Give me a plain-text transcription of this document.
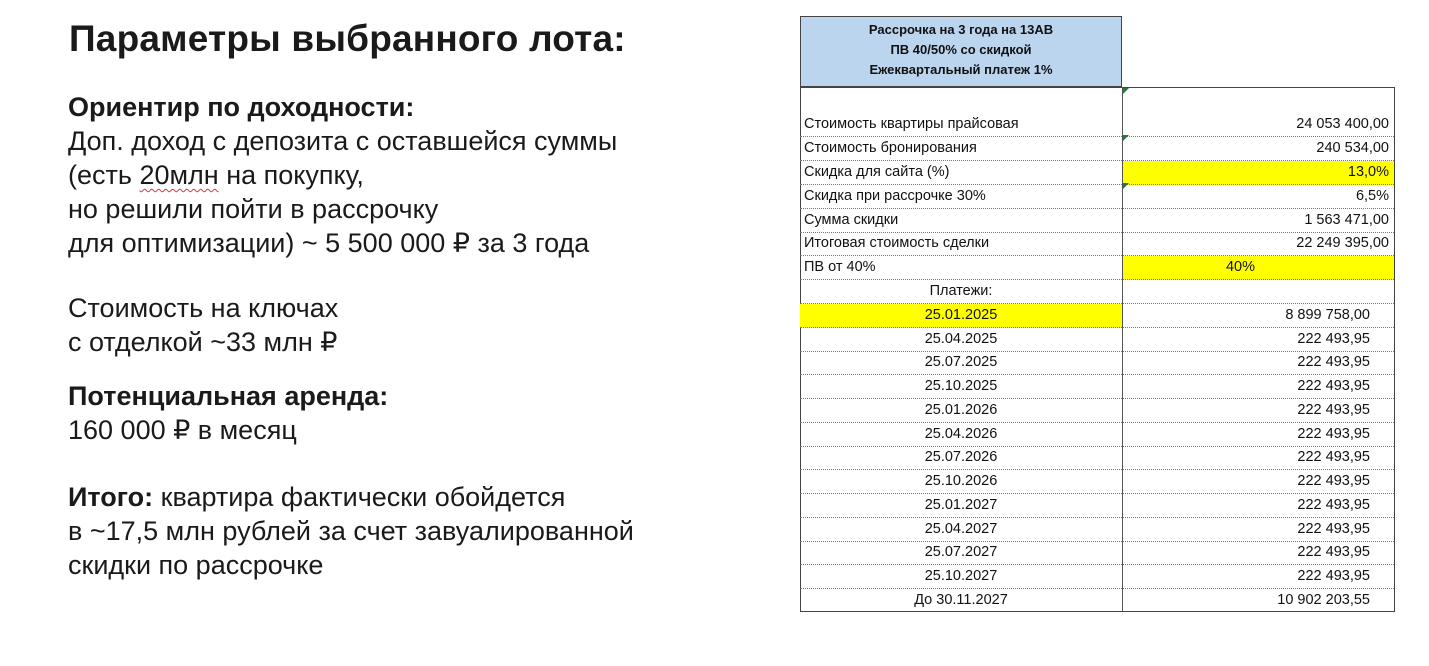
Параметры выбранного лота:

Ориентир по доходности:

Доп. доход с депозита с оставшейся суммы

(есть 20млн на покупку,

но решили пойти в рассрочку

для оптимизации) ~ 5 500 000 ₽ за 3 года

Стоимость на ключах

с отделкой ~33 млн ₽

Потенциальная аренда:

160 000 ₽ в месяц

Итого: квартира фактически обойдется

в ~17,5 млн рублей за счет завуалированной

скидки по рассрочке

Рассрочка на 3 года на 13АВ
ПВ 40/50% со скидкой
Ежеквартальный платеж 1%
Стоимость квартиры прайсовая	24 053 400,00
Стоимость бронирования	240 534,00
Скидка для сайта (%)	13,0%
Скидка при рассрочке 30%	6,5%
Сумма скидки	1 563 471,00
Итоговая стоимость сделки	22 249 395,00
ПВ от 40%	40%
Платежи:
25.01.2025	8 899 758,00
25.04.2025	222 493,95
25.07.2025	222 493,95
25.10.2025	222 493,95
25.01.2026	222 493,95
25.04.2026	222 493,95
25.07.2026	222 493,95
25.10.2026	222 493,95
25.01.2027	222 493,95
25.04.2027	222 493,95
25.07.2027	222 493,95
25.10.2027	222 493,95
До 30.11.2027	10 902 203,55
